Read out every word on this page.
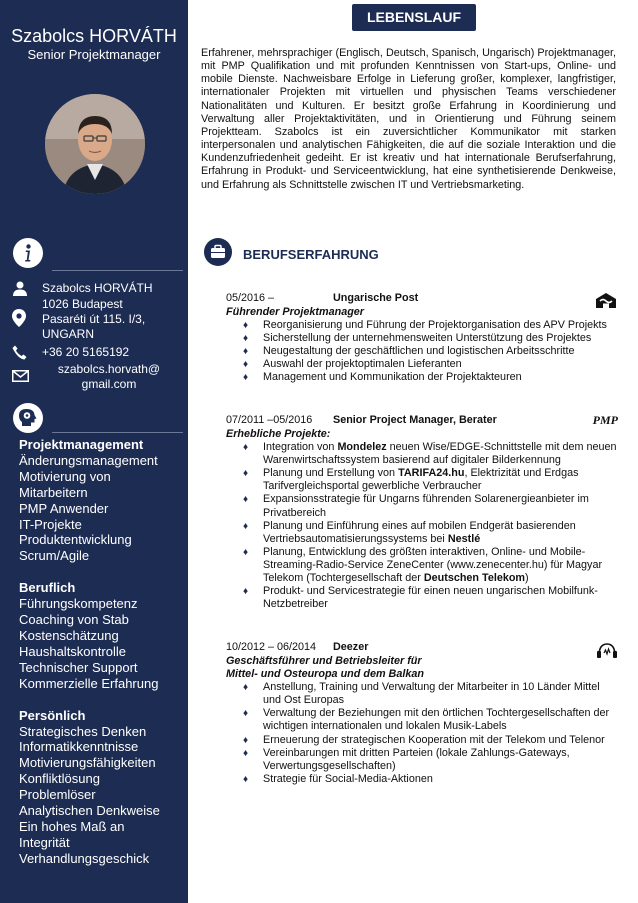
Szabolcs HORVÁTH
Senior Projektmanager
Szabolcs HORVÁTH
1026 Budapest
Pasaréti út 115. I/3,
UNGARN
+36 20 5165192
szabolcs.horvath@
gmail.com
Projektmanagement
Änderungsmanagement
Motivierung von
Mitarbeitern
PMP Anwender
IT-Projekte
Produktentwicklung
Scrum/Agile
Beruflich
Führungskompetenz
Coaching von Stab
Kostenschätzung
Haushaltskontrolle
Technischer Support
Kommerzielle Erfahrung
Persönlich
Strategisches Denken
Informatikkenntnisse
Motivierungsfähigkeiten
Konfliktlösung
Problemlöser
Analytischen Denkweise
Ein hohes Maß an
Integrität
Verhandlungsgeschick
LEBENSLAUF
Erfahrener, mehrsprachiger (Englisch, Deutsch, Spanisch, Ungarisch) Projektmanager, mit PMP Qualifikation und mit profunden Kenntnissen von Start-ups, Online- und mobile Dienste. Nachweisbare Erfolge in Lieferung großer, komplexer, langfristiger, internationaler Projekten mit virtuellen und physischen Teams verschiedener Nationalitäten und Kulturen. Er besitzt große Erfahrung in Koordinierung und Verwaltung aller Projektaktivitäten, und in Orientierung und Führung seinem Projektteam. Szabolcs ist ein zuversichtlicher Kommunikator mit starken interpersonalen und analytischen Fähigkeiten, die auf die soziale Interaktion und die Kundenzufriedenheit gedeiht. Er ist kreativ und hat internationale Berufserfahrung, Erfahrung in Produkt- und Serviceentwicklung, hat eine synthetisierende Denkweise, und Erfahrung als Schnittstelle zwischen IT und Vertriebsmarketing.
BERUFSERFAHRUNG
05/2016 –	Ungarische Post
Führender Projektmanager
♦ Reorganisierung und Führung der Projektorganisation des APV Projekts
♦ Sicherstellung der unternehmensweiten Unterstützung des Projektes
♦ Neugestaltung der geschäftlichen und logistischen Arbeitsschritte
♦ Auswahl der projektoptimalen Lieferanten
♦ Management und Kommunikation der Projektakteuren
07/2011 –05/2016 Senior Project Manager, Berater	PMP
Erhebliche Projekte:
♦ Integration von Mondelez neuen Wise/EDGE-Schnittstelle mit dem neuen Warenwirtschaftssystem basierend auf digitaler Bilderkennung
♦ Planung und Erstellung von TARIFA24.hu, Elektrizität und Erdgas Tarifvergleichsportal gewerbliche Verbraucher
♦ Expansionsstrategie für Ungarns führenden Solarenergieanbieter im Privatbereich
♦ Planung und Einführung eines auf mobilen Endgerät basierenden Vertriebsautomatisierungssystems bei Nestlé
♦ Planung, Entwicklung des größten interaktiven, Online- und Mobile-Streaming-Radio-Service ZeneCenter (www.zenecenter.hu) für Magyar Telekom (Tochtergesellschaft der Deutschen Telekom)
♦ Produkt- und Servicestrategie für einen neuen ungarischen Mobilfunk-Netzbetreiber
10/2012 – 06/2014 Deezer
Geschäftsführer und Betriebsleiter für
Mittel- und Osteuropa und dem Balkan
♦ Anstellung, Training und Verwaltung der Mitarbeiter in 10 Länder Mittel und Ost Europas
♦ Verwaltung der Beziehungen mit den örtlichen Tochtergesellschaften der wichtigen internationalen und lokalen Musik-Labels
♦ Erneuerung der strategischen Kooperation mit der Telekom und Telenor
♦ Vereinbarungen mit dritten Parteien (lokale Zahlungs-Gateways, Verwertungsgesellschaften)
♦ Strategie für Social-Media-Aktionen
